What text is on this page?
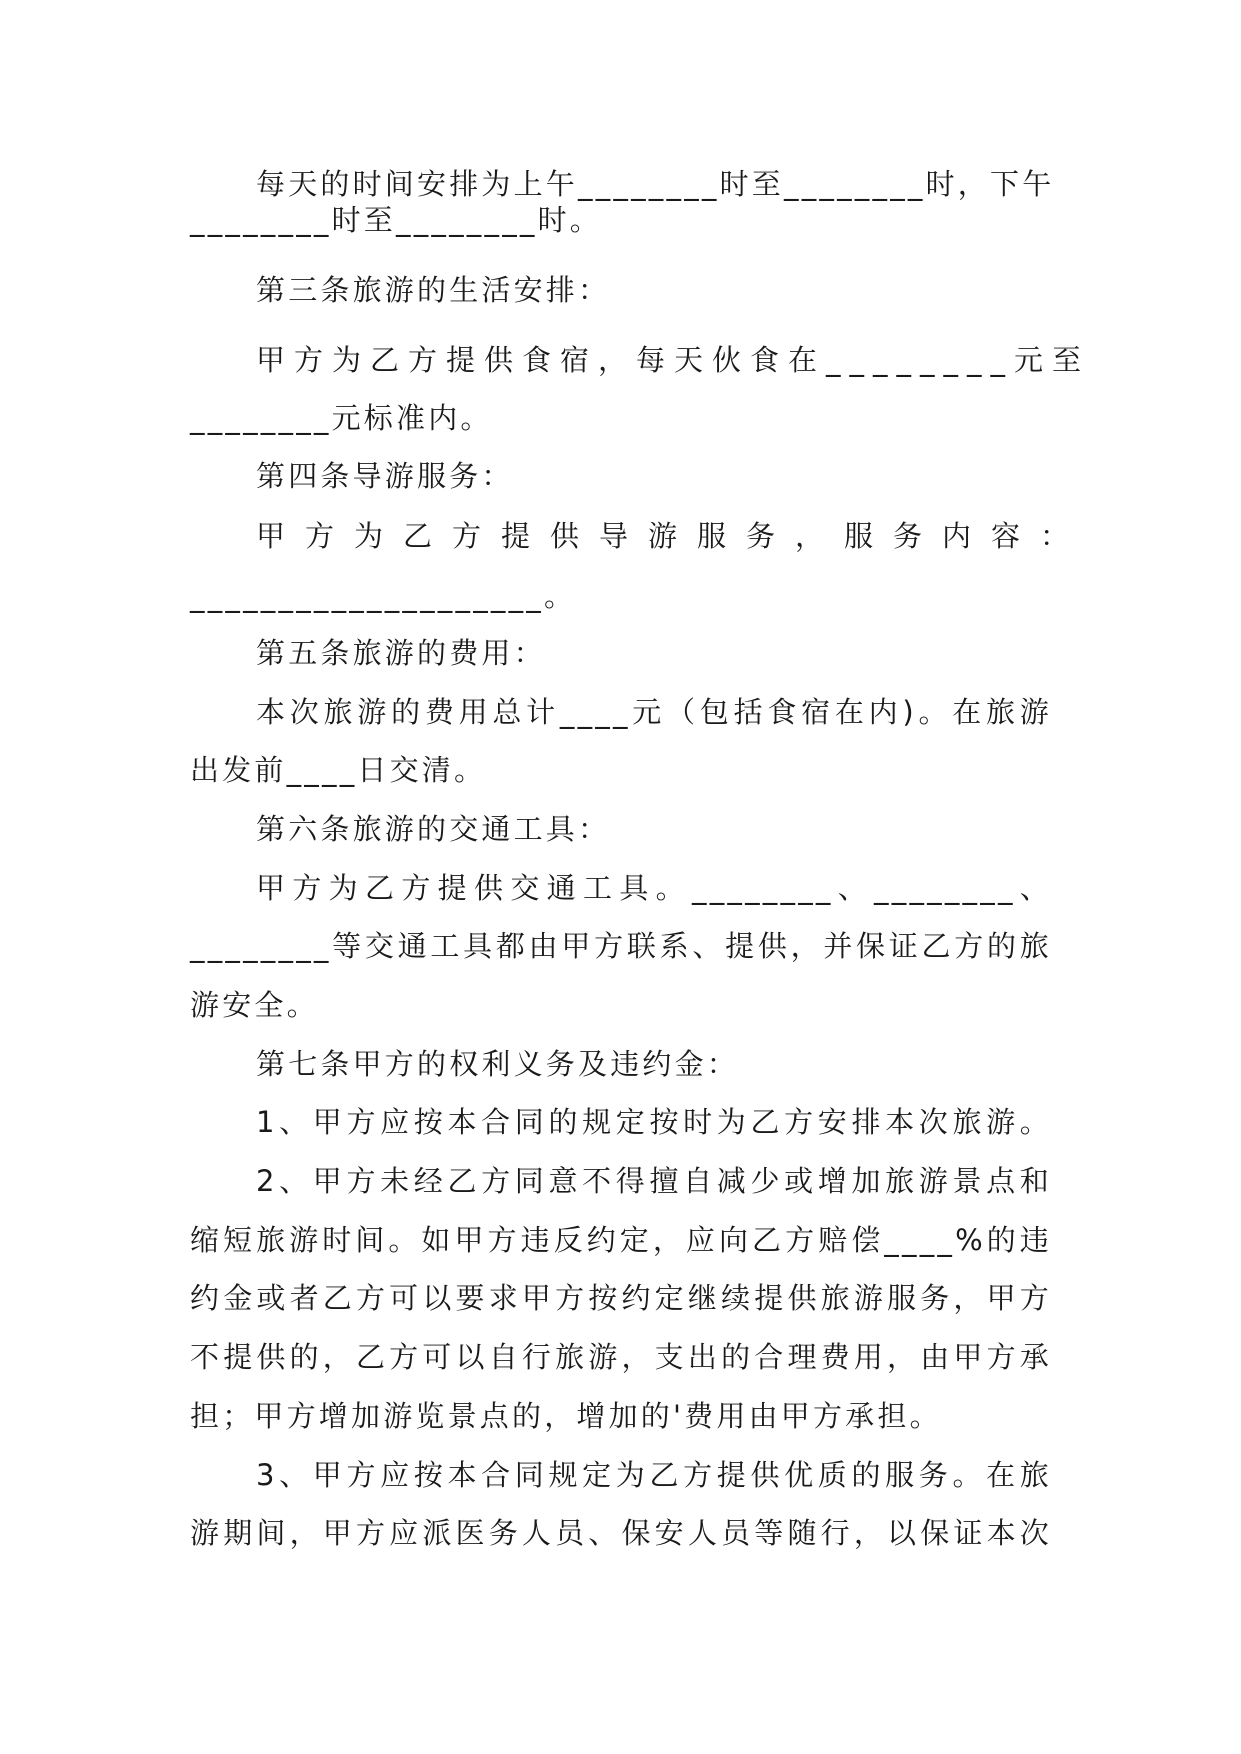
每天的时间安排为上午________时至________时，下午
________时至________时。
第三条旅游的生活安排：
甲方为乙方提供食宿，每天伙食在________元至
________元标准内。
第四条导游服务：
甲方为乙方提供导游服务，服务内容：
____________________。
第五条旅游的费用：
本次旅游的费用总计____元（包括食宿在内)。在旅游
出发前____日交清。
第六条旅游的交通工具：
甲方为乙方提供交通工具。________、________、
________等交通工具都由甲方联系、提供，并保证乙方的旅
游安全。
第七条甲方的权利义务及违约金：
1、甲方应按本合同的规定按时为乙方安排本次旅游。
2、甲方未经乙方同意不得擅自减少或增加旅游景点和
缩短旅游时间。如甲方违反约定，应向乙方赔偿____%的违
约金或者乙方可以要求甲方按约定继续提供旅游服务，甲方
不提供的，乙方可以自行旅游，支出的合理费用，由甲方承
担；甲方增加游览景点的，增加的'费用由甲方承担。
3、甲方应按本合同规定为乙方提供优质的服务。在旅
游期间，甲方应派医务人员、保安人员等随行，以保证本次
